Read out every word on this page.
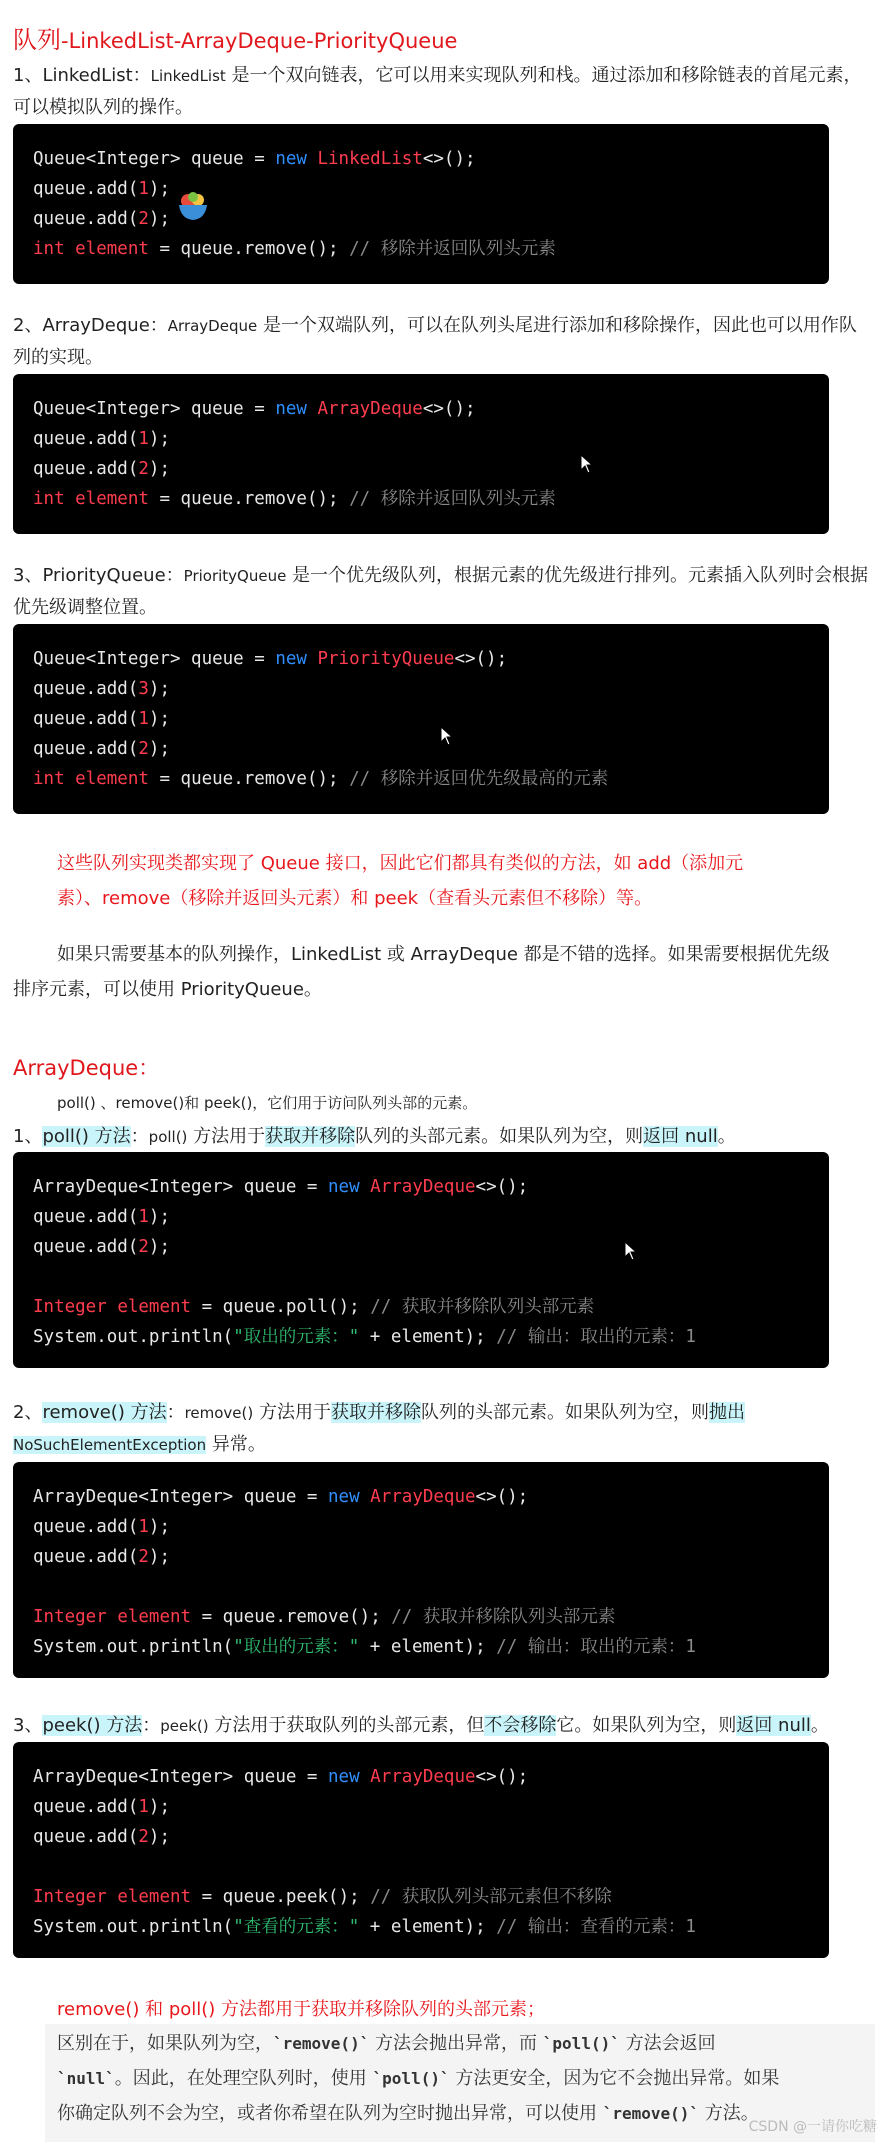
队列-LinkedList-ArrayDeque-PriorityQueue
1、LinkedList：LinkedList 是一个双向链表，它可以用来实现队列和栈。通过添加和移除链表的首尾元素，
可以模拟队列的操作。
Queue<Integer> queue = new LinkedList<>();
queue.add(1);
queue.add(2);
int element = queue.remove(); // 移除并返回队列头元素
2、ArrayDeque：ArrayDeque 是一个双端队列，可以在队列头尾进行添加和移除操作，因此也可以用作队
列的实现。
Queue<Integer> queue = new ArrayDeque<>();
queue.add(1);
queue.add(2);
int element = queue.remove(); // 移除并返回队列头元素
3、PriorityQueue：PriorityQueue 是一个优先级队列，根据元素的优先级进行排列。元素插入队列时会根据
优先级调整位置。
Queue<Integer> queue = new PriorityQueue<>();
queue.add(3);
queue.add(1);
queue.add(2);
int element = queue.remove(); // 移除并返回优先级最高的元素
这些队列实现类都实现了 Queue 接口，因此它们都具有类似的方法，如 add（添加元
素）、remove（移除并返回头元素）和 peek（查看头元素但不移除）等。
如果只需要基本的队列操作，LinkedList 或 ArrayDeque 都是不错的选择。如果需要根据优先级
排序元素，可以使用 PriorityQueue。
ArrayDeque：
poll() 、remove()和 peek()，它们用于访问队列头部的元素。
1、poll() 方法：poll() 方法用于获取并移除队列的头部元素。如果队列为空，则返回 null。
ArrayDeque<Integer> queue = new ArrayDeque<>();
queue.add(1);
queue.add(2);
Integer element = queue.poll(); // 获取并移除队列头部元素
System.out.println("取出的元素：" + element); // 输出：取出的元素：1
2、remove() 方法：remove() 方法用于获取并移除队列的头部元素。如果队列为空，则抛出
NoSuchElementException 异常。
ArrayDeque<Integer> queue = new ArrayDeque<>();
queue.add(1);
queue.add(2);
Integer element = queue.remove(); // 获取并移除队列头部元素
System.out.println("取出的元素：" + element); // 输出：取出的元素：1
3、peek() 方法：peek() 方法用于获取队列的头部元素，但不会移除它。如果队列为空，则返回 null。
ArrayDeque<Integer> queue = new ArrayDeque<>();
queue.add(1);
queue.add(2);
Integer element = queue.peek(); // 获取队列头部元素但不移除
System.out.println("查看的元素：" + element); // 输出：查看的元素：1
remove() 和 poll() 方法都用于获取并移除队列的头部元素；
区别在于，如果队列为空，`remove()` 方法会抛出异常，而 `poll()` 方法会返回
`null`。因此，在处理空队列时，使用 `poll()` 方法更安全，因为它不会抛出异常。如果
你确定队列不会为空，或者你希望在队列为空时抛出异常，可以使用 `remove()` 方法。
CSDN @一请你吃糖
